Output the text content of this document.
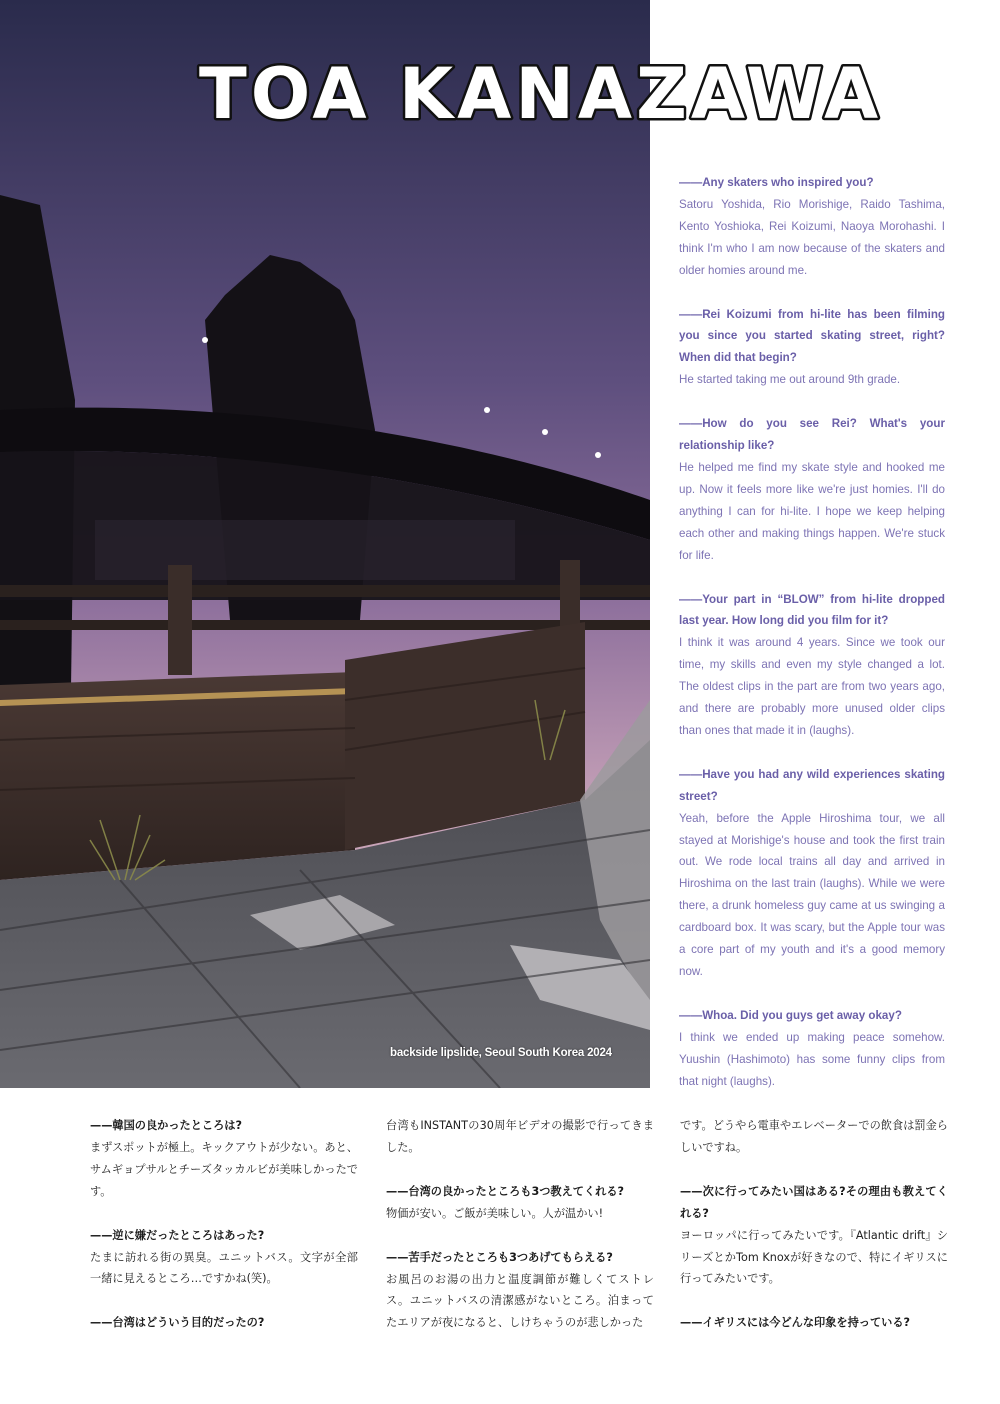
backside lipslide, Seoul South Korea 2024
TOA KANAZAWA
——Any skaters who inspired you?
Satoru Yoshida, Rio Morishige, Raido Tashima, Kento Yoshioka, Rei Koizumi, Naoya Morohashi. I think I'm who I am now because of the skaters and older homies around me.
——Rei Koizumi from hi-lite has been filming you since you started skating street, right? When did that begin?
He started taking me out around 9th grade.
——How do you see Rei? What's your relationship like?
He helped me find my skate style and hooked me up. Now it feels more like we're just homies. I'll do anything I can for hi-lite. I hope we keep helping each other and making things happen. We're stuck for life.
——Your part in “BLOW” from hi-lite dropped last year. How long did you film for it?
I think it was around 4 years. Since we took our time, my skills and even my style changed a lot. The oldest clips in the part are from two years ago, and there are probably more unused older clips than ones that made it in (laughs).
——Have you had any wild experiences skating street?
Yeah, before the Apple Hiroshima tour, we all stayed at Morishige's house and took the first train out. We rode local trains all day and arrived in Hiroshima on the last train (laughs). While we were there, a drunk homeless guy came at us swinging a cardboard box. It was scary, but the Apple tour was a core part of my youth and it's a good memory now.
——Whoa. Did you guys get away okay?
I think we ended up making peace somehow. Yuushin (Hashimoto) has some funny clips from that night (laughs).
——韓国の良かったところは?
まずスポットが極上。キックアウトが少ない。あと、サムギョプサルとチーズタッカルビが美味しかったです。
——逆に嫌だったところはあった?
たまに訪れる街の異臭。ユニットバス。文字が全部一緒に見えるところ…ですかね(笑)。
——台湾はどういう目的だったの?
台湾もINSTANTの30周年ビデオの撮影で行ってきました。
——台湾の良かったところも3つ教えてくれる?
物価が安い。ご飯が美味しい。人が温かい!
——苦手だったところも3つあげてもらえる?
お風呂のお湯の出力と温度調節が難しくてストレス。ユニットバスの清潔感がないところ。泊まってたエリアが夜になると、しけちゃうのが悲しかった
です。どうやら電車やエレベーターでの飲食は罰金らしいですね。
——次に行ってみたい国はある?その理由も教えてくれる?
ヨーロッパに行ってみたいです。『Atlantic drift』シリーズとかTom Knoxが好きなので、特にイギリスに行ってみたいです。
——イギリスには今どんな印象を持っている?
